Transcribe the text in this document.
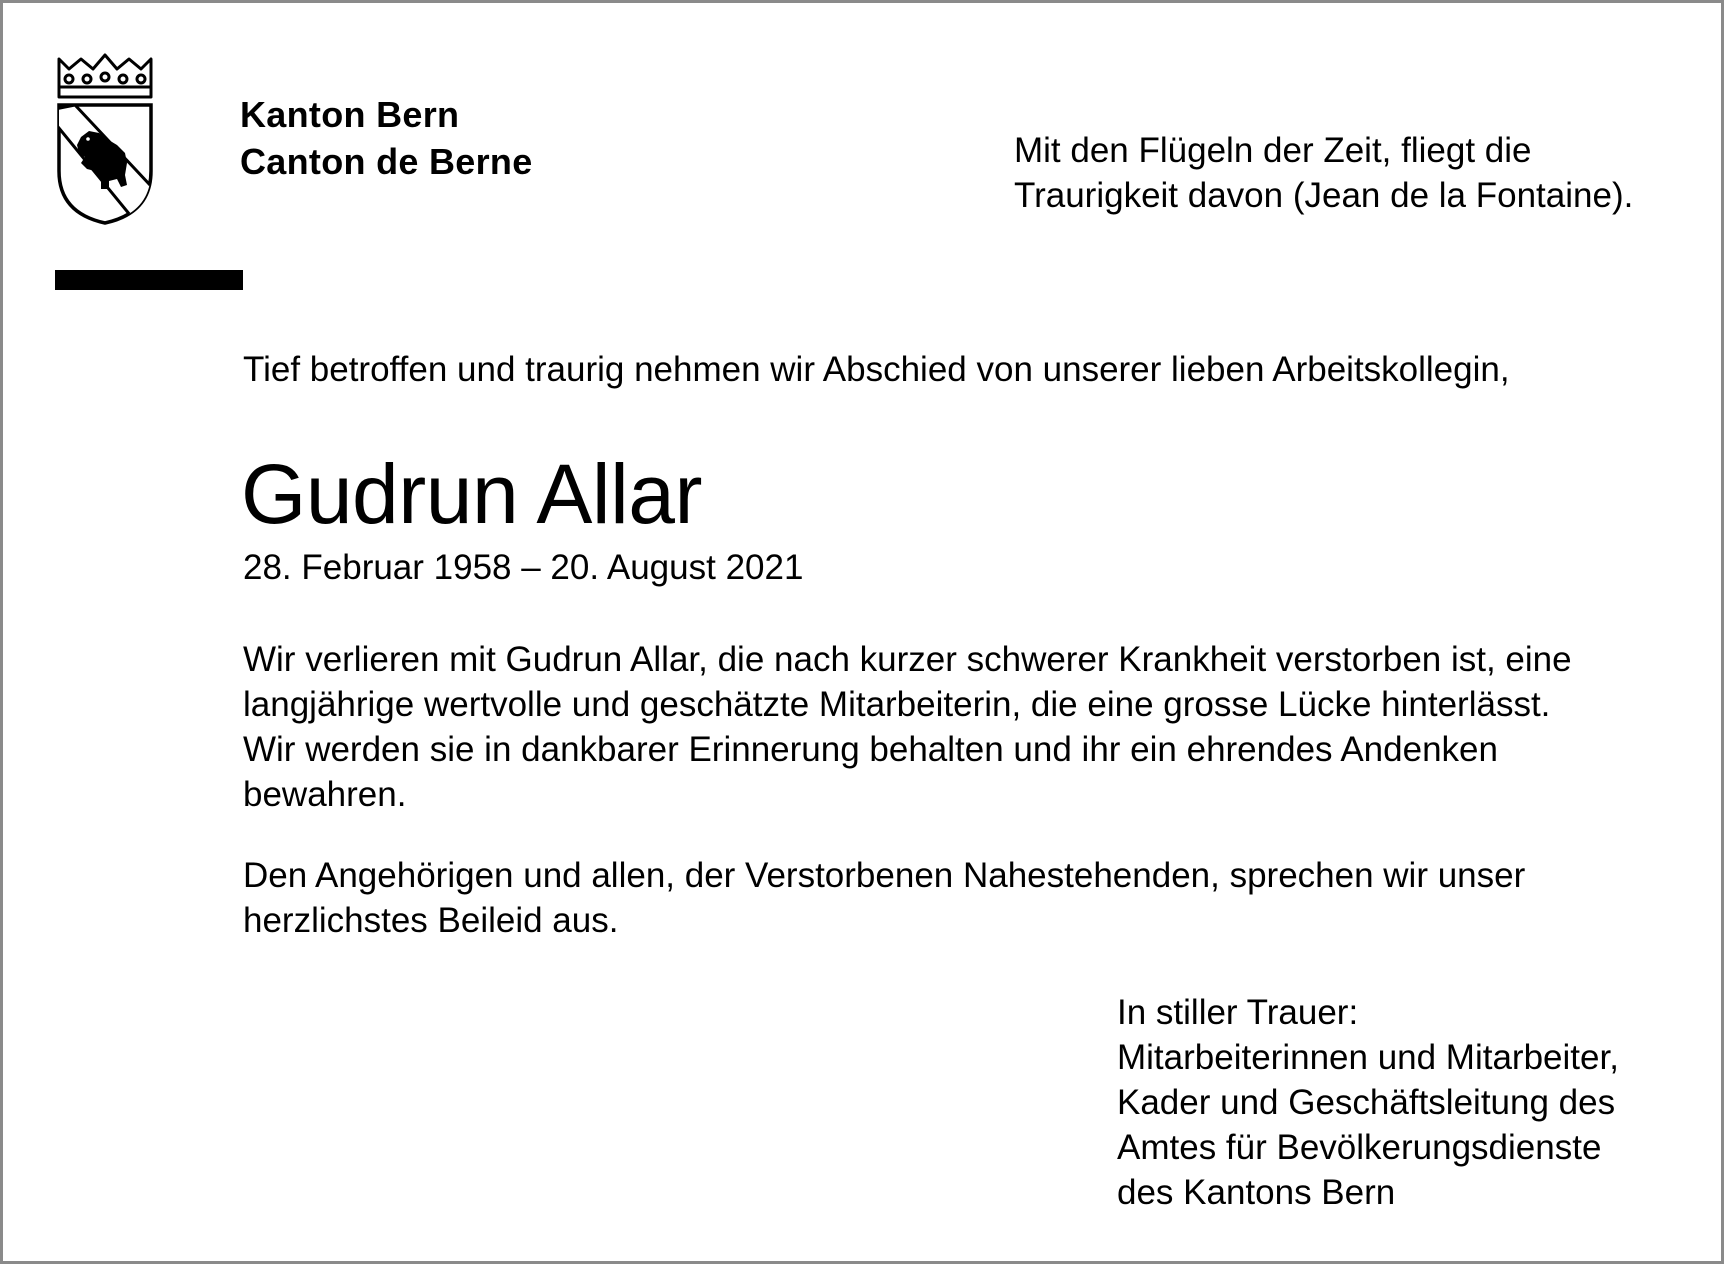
Kanton Bern
Canton de Berne	Mit den Flügeln der Zeit, fliegt die
Traurigkeit davon (Jean de la Fontaine).
Tief betroffen und traurig nehmen wir Abschied von unserer lieben Arbeitskollegin,
Gudrun Allar
28. Februar 1958 – 20. August 2021
Wir verlieren mit Gudrun Allar, die nach kurzer schwerer Krankheit verstorben ist, eine
langjährige wertvolle und geschätzte Mitarbeiterin, die eine grosse Lücke hinterlässt.
Wir werden sie in dankbarer Erinnerung behalten und ihr ein ehrendes Andenken
bewahren.
Den Angehörigen und allen, der Verstorbenen Nahestehenden, sprechen wir unser
herzlichstes Beileid aus.
In stiller Trauer:
Mitarbeiterinnen und Mitarbeiter,
Kader und Geschäftsleitung des
Amtes für Bevölkerungsdienste
des Kantons Bern
